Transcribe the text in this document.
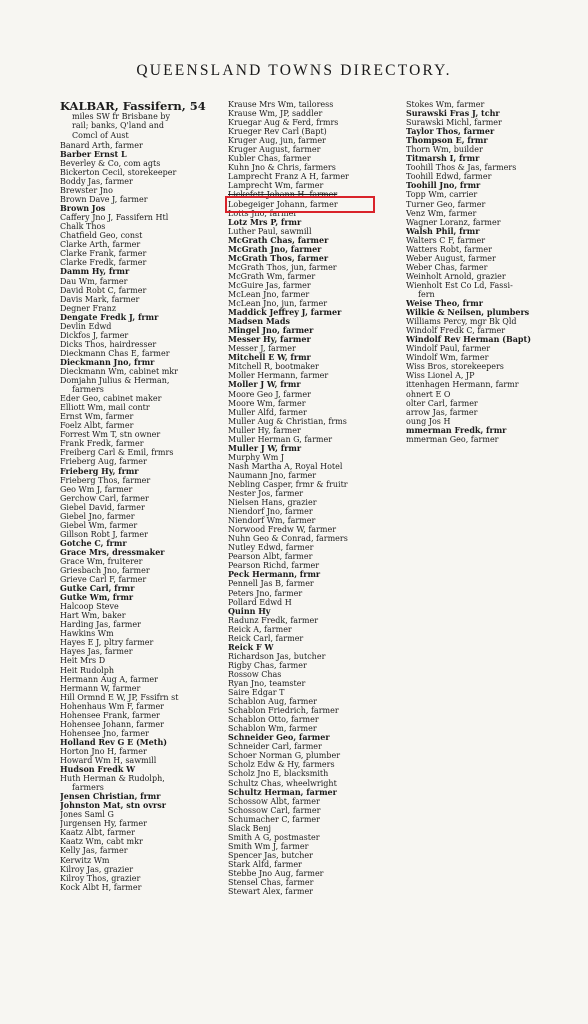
QUEENSLAND TOWNS DIRECTORY.
KALBAR, Fassifern, 54
miles SW fr Brisbane by
rail; banks, Q'land and
Comcl of Aust
Banard Arth, farmer
Barber Ernst L
Beverley & Co, com agts
Bickerton Cecil, storekeeper
Boddy Jas, farmer
Brewster Jno
Brown Dave J, farmer
Brown Jos
Caffery Jno J, Fassifern Htl
Chalk Thos
Chatfield Geo, const
Clarke Arth, farmer
Clarke Frank, farmer
Clarke Fredk, farmer
Damm Hy, frmr
Dau Wm, farmer
David Robt C, farmer
Davis Mark, farmer
Degner Franz
Dengate Fredk J, frmr
Devlin Edwd
Dickfos J, farmer
Dicks Thos, hairdresser
Dieckmann Chas E, farmer
Dieckmann Jno, frmr
Dieckmann Wm, cabinet mkr
Domjahn Julius & Herman,
farmers
Eder Geo, cabinet maker
Elliott Wm, mail contr
Ernst Wm, farmer
Foelz Albt, farmer
Forrest Wm T, stn owner
Frank Fredk, farmer
Freiberg Carl & Emil, frmrs
Frieberg Aug, farmer
Frieberg Hy, frmr
Frieberg Thos, farmer
Geo Wm J, farmer
Gerchow Carl, farmer
Giebel David, farmer
Giebel Jno, farmer
Giebel Wm, farmer
Gillson Robt J, farmer
Gotche C, frmr
Grace Mrs, dressmaker
Grace Wm, fruiterer
Griesbach Jno, farmer
Grieve Carl F, farmer
Gutke Carl, frmr
Gutke Wm, frmr
Halcoop Steve
Hart Wm, baker
Harding Jas, farmer
Hawkins Wm
Hayes E J, pltry farmer
Hayes Jas, farmer
Heit Mrs D
Heit Rudolph
Hermann Aug A, farmer
Hermann W, farmer
Hill Ormnd E W, JP, Fssifrn st
Hohenhaus Wm F, farmer
Hohensee Frank, farmer
Hohensee Johann, farmer
Hohensee Jno, farmer
Holland Rev G E (Meth)
Horton Jno H, farmer
Howard Wm H, sawmill
Hudson Fredk W
Huth Herman & Rudolph,
farmers
Jensen Christian, frmr
Johnston Mat, stn ovrsr
Jones Saml G
Jurgensen Hy, farmer
Kaatz Albt, farmer
Kaatz Wm, cabt mkr
Kelly Jas, farmer
Kerwitz Wm
Kilroy Jas, grazier
Kilroy Thos, grazier
Kock Albt H, farmer
Krause Mrs Wm, tailoress
Krause Wm, JP, saddler
Kruegar Aug & Ferd, frmrs
Krueger Rev Carl (Bapt)
Kruger Aug, jun, farmer
Kruger August, farmer
Kubler Chas, farmer
Kuhn Jno & Chris, farmers
Lamprecht Franz A H, farmer
Lamprecht Wm, farmer
Lickefett Johann H, farmer
Lobegeiger Johann, farmer
Lotts Jno, farmer
Lotz Mrs P, frmr
Luther Paul, sawmill
McGrath Chas, farmer
McGrath Jno, farmer
McGrath Thos, farmer
McGrath Thos, jun, farmer
McGrath Wm, farmer
McGuire Jas, farmer
McLean Jno, farmer
McLean Jno, jun, farmer
Maddick Jeffrey J, farmer
Madsen Mads
Mingel Jno, farmer
Messer Hy, farmer
Messer J, farmer
Mitchell E W, frmr
Mitchell R, bootmaker
Moller Hermann, farmer
Moller J W, frmr
Moore Geo J, farmer
Moore Wm, farmer
Muller Alfd, farmer
Muller Aug & Christian, frms
Muller Hy, farmer
Muller Herman G, farmer
Muller J W, frmr
Murphy Wm J
Nash Martha A, Royal Hotel
Naumann Jno, farmer
Nebling Casper, frmr & fruitr
Nester Jos, farmer
Nielsen Hans, grazier
Niendorf Jno, farmer
Niendorf Wm, farmer
Norwood Fredw W, farmer
Nuhn Geo & Conrad, farmers
Nutley Edwd, farmer
Pearson Albt, farmer
Pearson Richd, farmer
Peck Hermann, frmr
Pennell Jas B, farmer
Peters Jno, farmer
Pollard Edwd H
Quinn Hy
Radunz Fredk, farmer
Reick A, farmer
Reick Carl, farmer
Reick F W
Richardson Jas, butcher
Rigby Chas, farmer
Rossow Chas
Ryan Jno, teamster
Saire Edgar T
Schablon Aug, farmer
Schablon Friedrich, farmer
Schablon Otto, farmer
Schablon Wm, farmer
Schneider Geo, farmer
Schneider Carl, farmer
Schoer Norman G, plumber
Scholz Edw & Hy, farmers
Scholz Jno E, blacksmith
Schultz Chas, wheelwright
Schultz Herman, farmer
Schossow Albt, farmer
Schossow Carl, farmer
Schumacher C, farmer
Slack Benj
Smith A G, postmaster
Smith Wm J, farmer
Spencer Jas, butcher
Stark Alfd, farmer
Stebbe Jno Aug, farmer
Stensel Chas, farmer
Stewart Alex, farmer
Stokes Wm, farmer
Surawski Fras J, tchr
Surawski Michl, farmer
Taylor Thos, farmer
Thompson E, frmr
Thorn Wm, builder
Titmarsh I, frmr
Toohill Thos & Jas, farmers
Toohill Edwd, farmer
Toohill Jno, frmr
Topp Wm, carrier
Turner Geo, farmer
Venz Wm, farmer
Wagner Loranz, farmer
Walsh Phil, frmr
Walters C F, farmer
Watters Robt, farmer
Weber August, farmer
Weber Chas, farmer
Weinholt Arnold, grazier
Wienholt Est Co Ld, Fassi-
fern
Weise Theo, frmr
Wilkie & Neilsen, plumbers
Williams Percy, mgr Bk Qld
Windolf Fredk C, farmer
Windolf Rev Herman (Bapt)
Windolf Paul, farmer
Windolf Wm, farmer
Wiss Bros, storekeepers
Wiss Lionel A, JP
ittenhagen Hermann, farmr
ohnert E O
olter Carl, farmer
arrow Jas, farmer
oung Jos H
mmerman Fredk, frmr
mmerman Geo, farmer
